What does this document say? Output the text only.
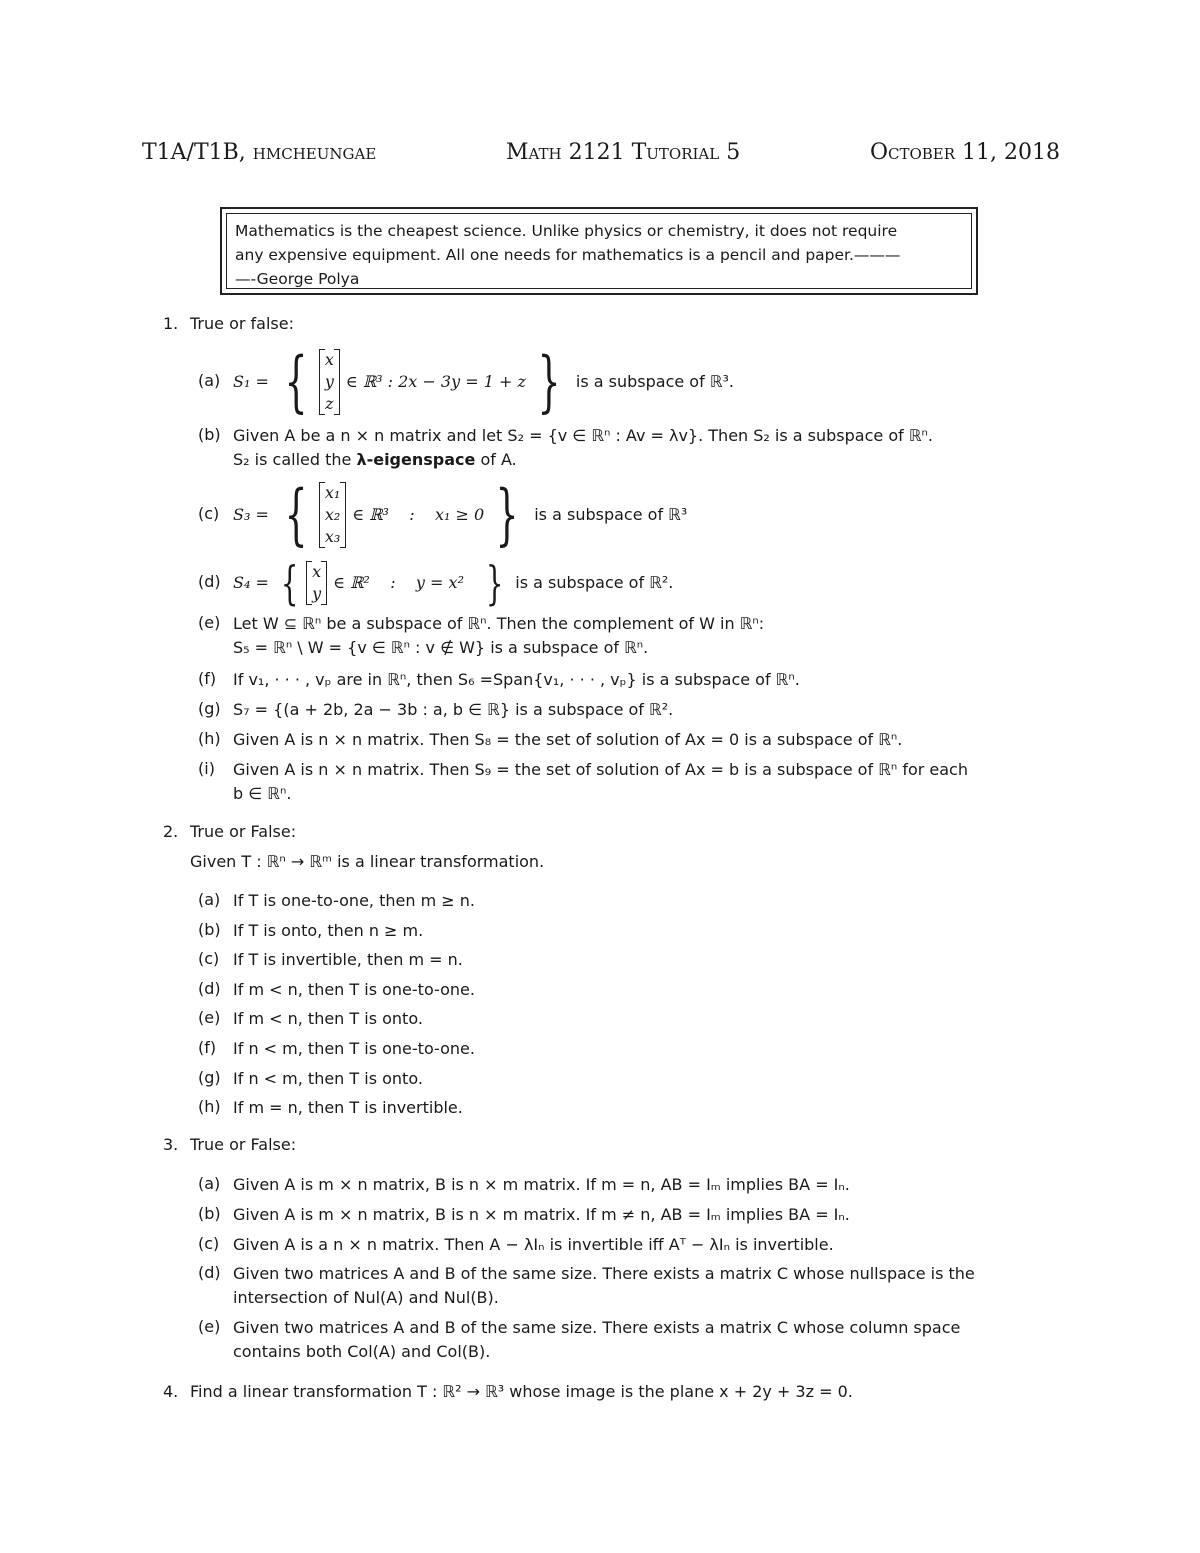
T1A/T1B, hmcheungae	Math 2121 Tutorial 5	October 11, 2018
Mathematics is the cheapest science. Unlike physics or chemistry, it does not require
any expensive equipment. All one needs for mathematics is a pencil and paper.———
—-George Polya
1. True or false:
(a) S₁ = { x
y
z
∈ ℝ³ : 2x − 3y = 1 + z } is a subspace of ℝ³.
(b) Given A be a n × n matrix and let S₂ = {v ∈ ℝⁿ : Av = λv}. Then S₂ is a subspace of ℝⁿ.
S₂ is called the λ-eigenspace of A.
(c) S₃ = { x₁
x₂
x₃
∈ ℝ³    :    x₁ ≥ 0 } is a subspace of ℝ³
(d) S₄ = { x
y
∈ ℝ²    :    y = x² } is a subspace of ℝ².
(e) Let W ⊆ ℝⁿ be a subspace of ℝⁿ. Then the complement of W in ℝⁿ:
S₅ = ℝⁿ \ W = {v ∈ ℝⁿ : v ∉ W} is a subspace of ℝⁿ.
(f) If v₁, · · · , vₚ are in ℝⁿ, then S₆ =Span{v₁, · · · , vₚ} is a subspace of ℝⁿ.
(g) S₇ = {(a + 2b, 2a − 3b : a, b ∈ ℝ} is a subspace of ℝ².
(h) Given A is n × n matrix. Then S₈ = the set of solution of Ax = 0 is a subspace of ℝⁿ.
(i) Given A is n × n matrix. Then S₉ = the set of solution of Ax = b is a subspace of ℝⁿ for each
b ∈ ℝⁿ.
2. True or False:
Given T : ℝⁿ → ℝᵐ is a linear transformation.
(a) If T is one-to-one, then m ≥ n.
(b) If T is onto, then n ≥ m.
(c) If T is invertible, then m = n.
(d) If m < n, then T is one-to-one.
(e) If m < n, then T is onto.
(f) If n < m, then T is one-to-one.
(g) If n < m, then T is onto.
(h) If m = n, then T is invertible.
3. True or False:
(a) Given A is m × n matrix, B is n × m matrix. If m = n, AB = Iₘ implies BA = Iₙ.
(b) Given A is m × n matrix, B is n × m matrix. If m ≠ n, AB = Iₘ implies BA = Iₙ.
(c) Given A is a n × n matrix. Then A − λIₙ is invertible iff Aᵀ − λIₙ is invertible.
(d) Given two matrices A and B of the same size. There exists a matrix C whose nullspace is the
intersection of Nul(A) and Nul(B).
(e) Given two matrices A and B of the same size. There exists a matrix C whose column space
contains both Col(A) and Col(B).
4. Find a linear transformation T : ℝ² → ℝ³ whose image is the plane x + 2y + 3z = 0.
